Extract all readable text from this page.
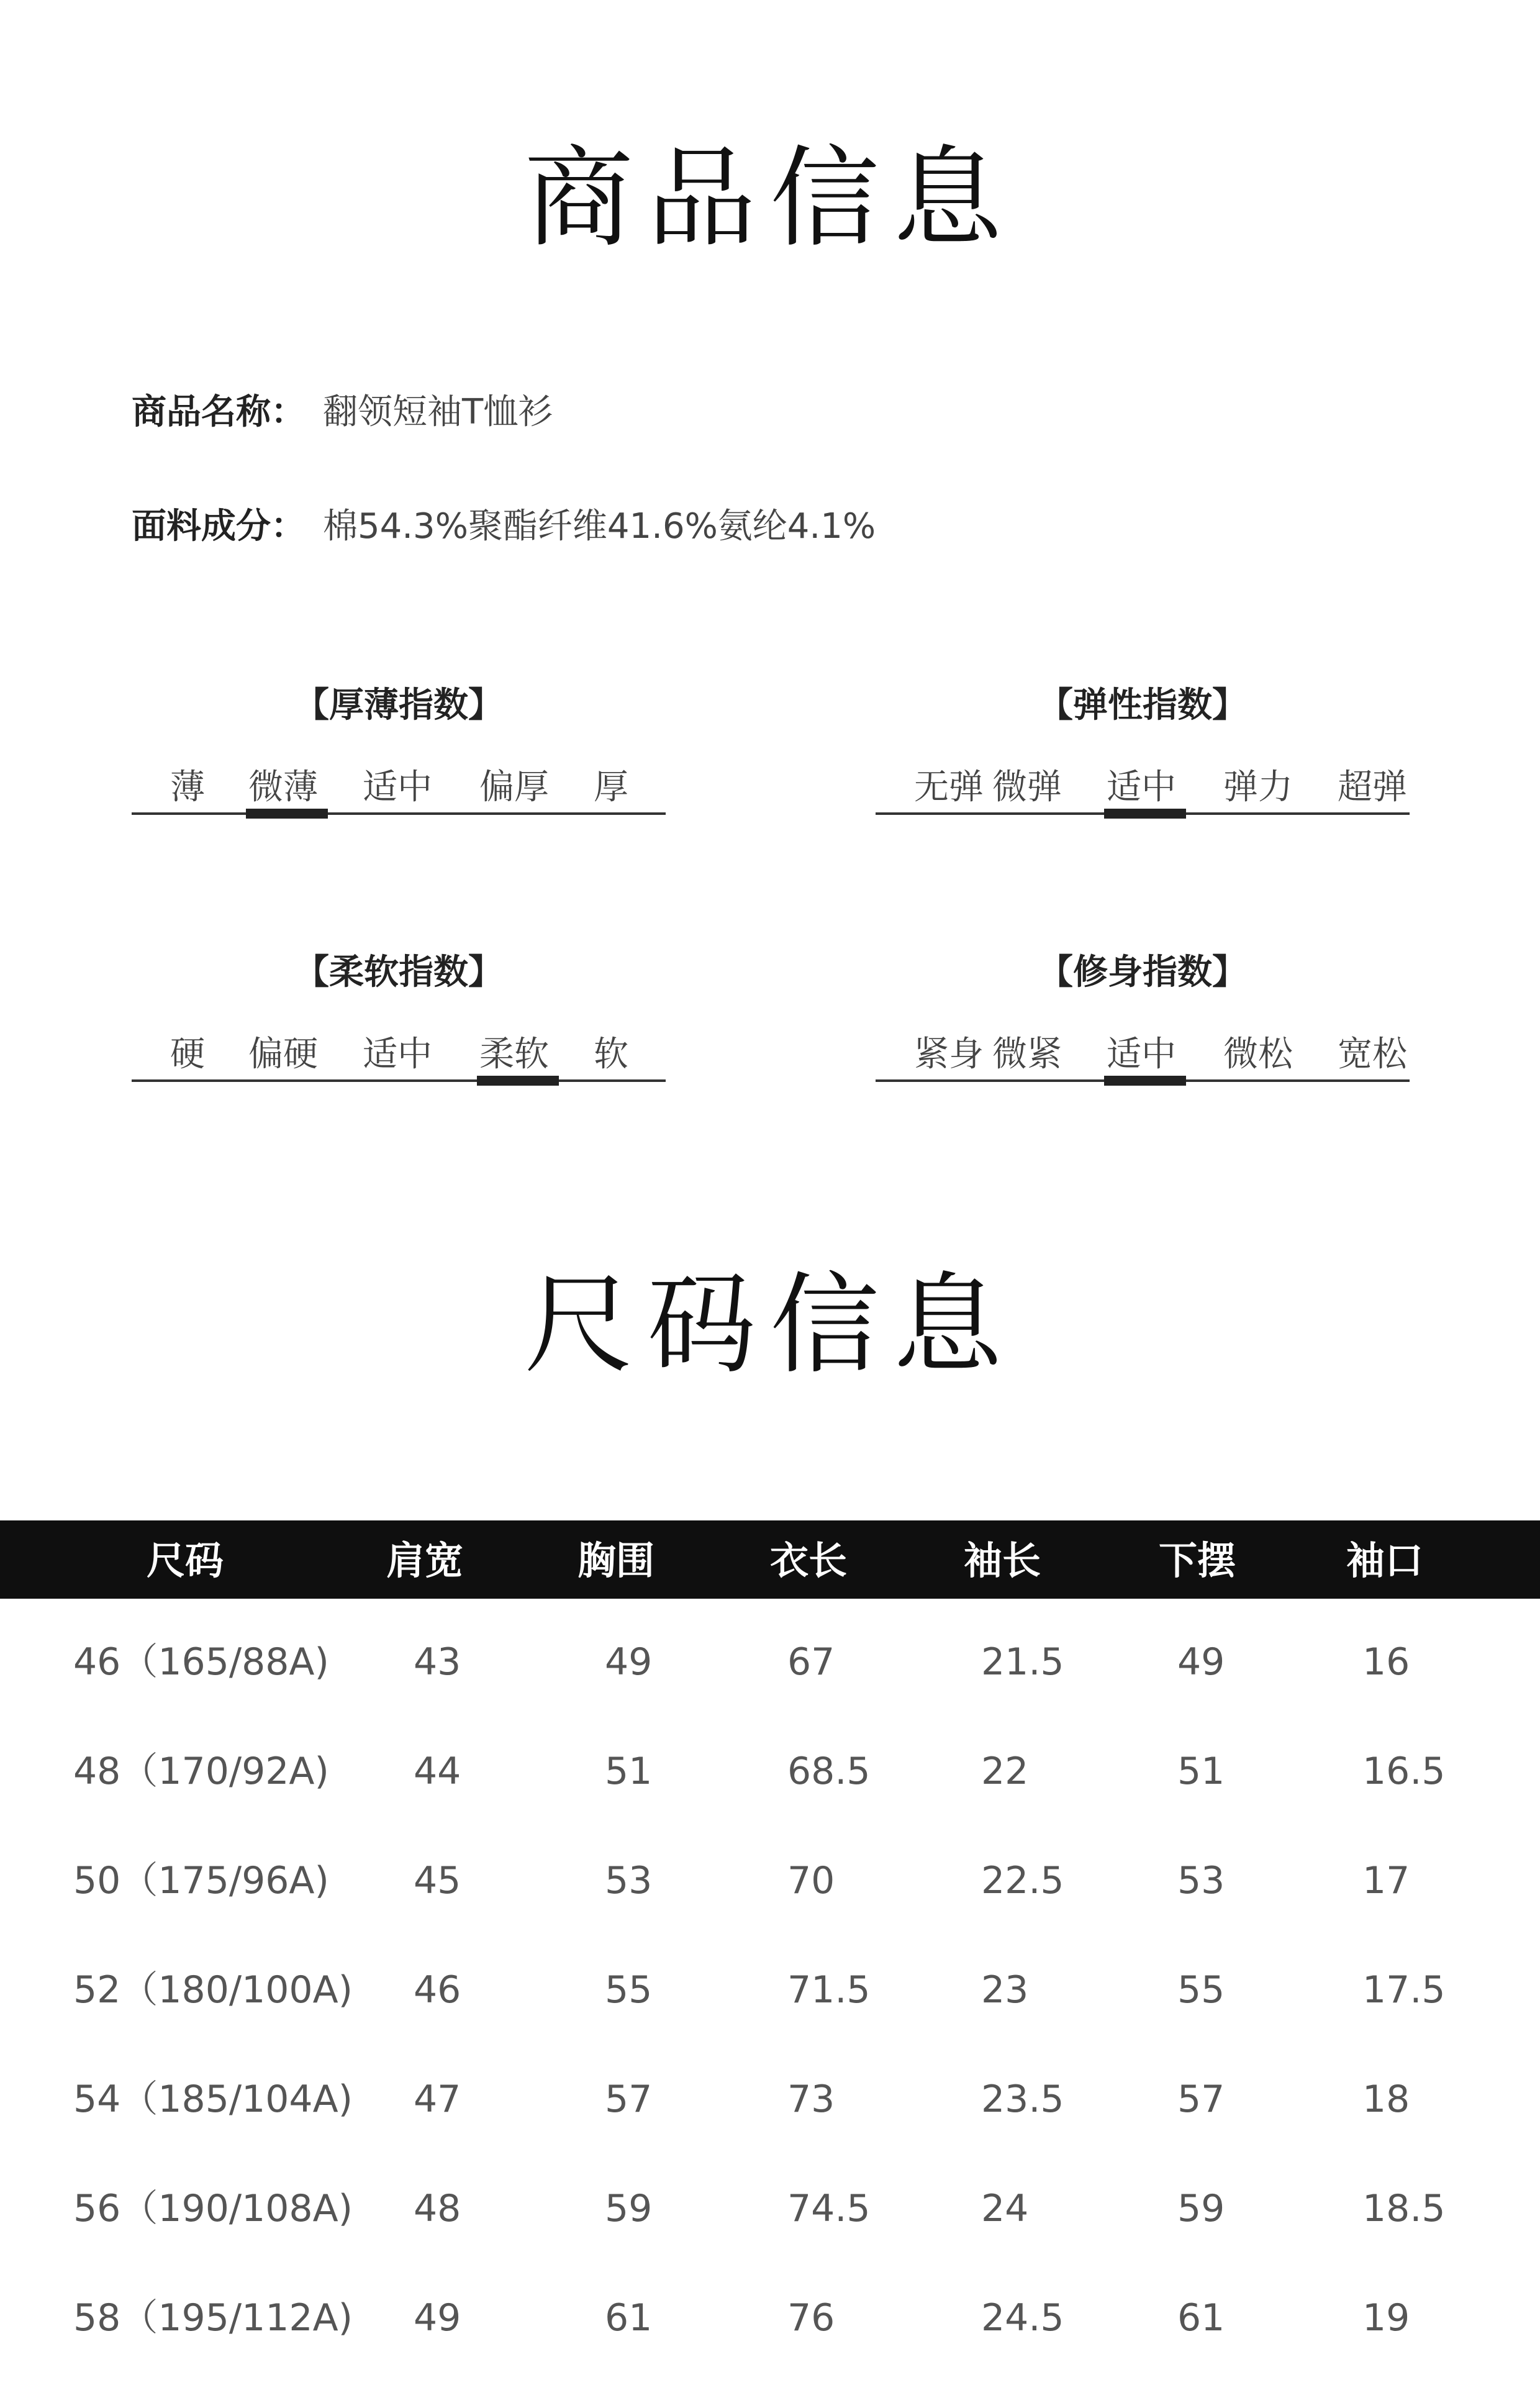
商品信息
商品名称： 翻领短袖T恤衫
面料成分： 棉54.3%聚酯纤维41.6%氨纶4.1%
【厚薄指数】
薄 微薄 适中 偏厚 厚
【弹性指数】
无弹 微弹 适中 弹力 超弹
【柔软指数】
硬 偏硬 适中 柔软 软
【修身指数】
紧身 微紧 适中 微松 宽松
尺码信息
尺码	肩宽	胸围	衣长	袖长	下摆	袖口
46（165/88A) 43	49	67	21.5	49	16
48（170/92A) 44	51	68.5	22	51	16.5
50（175/96A) 45	53	70	22.5	53	17
52（180/100A) 46	55	71.5	23	55	17.5
54（185/104A) 47	57	73	23.5	57	18
56（190/108A) 48	59	74.5	24	59	18.5
58（195/112A) 49	61	76	24.5	61	19
